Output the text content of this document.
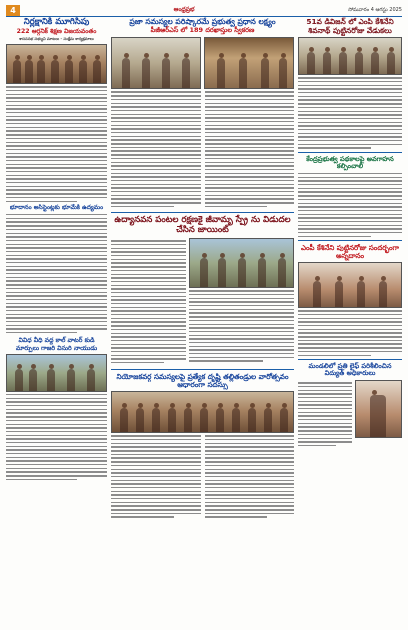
4	ఆంధ్రప్రభ	సోమవారం 4 ఆగస్టు 2025

నిర్లక్షానికి మూగిసిపు

222 ఆర్గనిక్ శిక్షణ విజయవంతం

శాసనసభ సభ్యుని మాటలు - సంక్షేమ కార్యక్రమాలు

భూదానం అసిస్టెంట్లకు భూమేకి ఉద్యమం

వివిధ వీధి వద్ద కాల్ వాటర్ కుడి మార్పులు గాజరి విసురి నాయుడు

ప్రజా సమస్యల పరిష్కారమే ప్రభుత్వ ప్రధాన లక్ష్యం

పీజీఆర్ఎస్ లో 189 దరఖాస్తుల స్వీకరణ

ఉద్యానవన పంటల రక్షణకై జీవామృ స్ప్రే ను విడుదల చేసిన జాయింట్

నియోజకవర్గ సమస్యలపై ప్రత్యేక దృష్టి తల్లితండ్రుల వారోత్సవం ఆధారంగా సదస్సు

51వ డివిజన్ లో ఎంపి కేశినేని శివనాథ్ పుట్టినరోజు వేడుకలు

కేంద్రప్రభుత్వ పథకాలపై అవగాహన కల్పించాలి

ఎంపీ కేశినేని పుట్టినరోజు సందర్భంగా అన్నదానం

మండలిలో ప్రతి లైఫ్ పరిశీలించిన విద్యుత్ అధికారులు
